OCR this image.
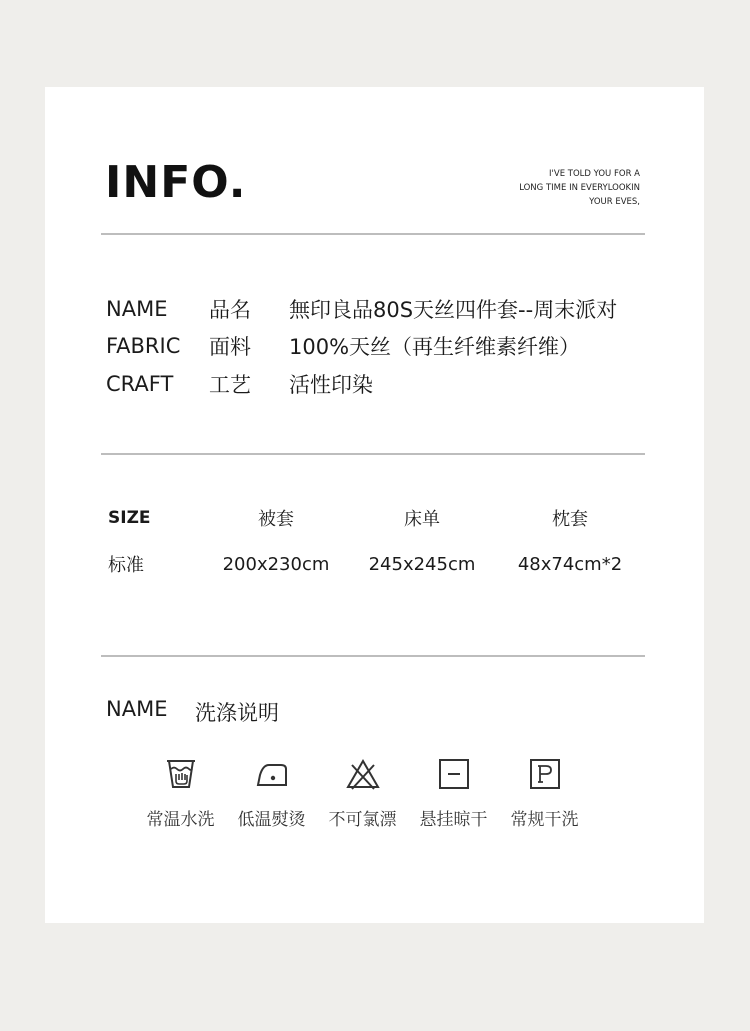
INFO.	I'VE TOLD YOU FOR A
LONG TIME IN EVERYLOOKIN
YOUR EVES,
NAME	品名	無印良品80S天丝四件套--周末派对
FABRIC	面料	100%天丝（再生纤维素纤维）
CRAFT	工艺	活性印染
SIZE	被套	床单	枕套
标准	200x230cm	245x245cm	48x74cm*2
NAME	洗涤说明
常温水洗 低温熨烫 不可氯漂 悬挂晾干 常规干洗
